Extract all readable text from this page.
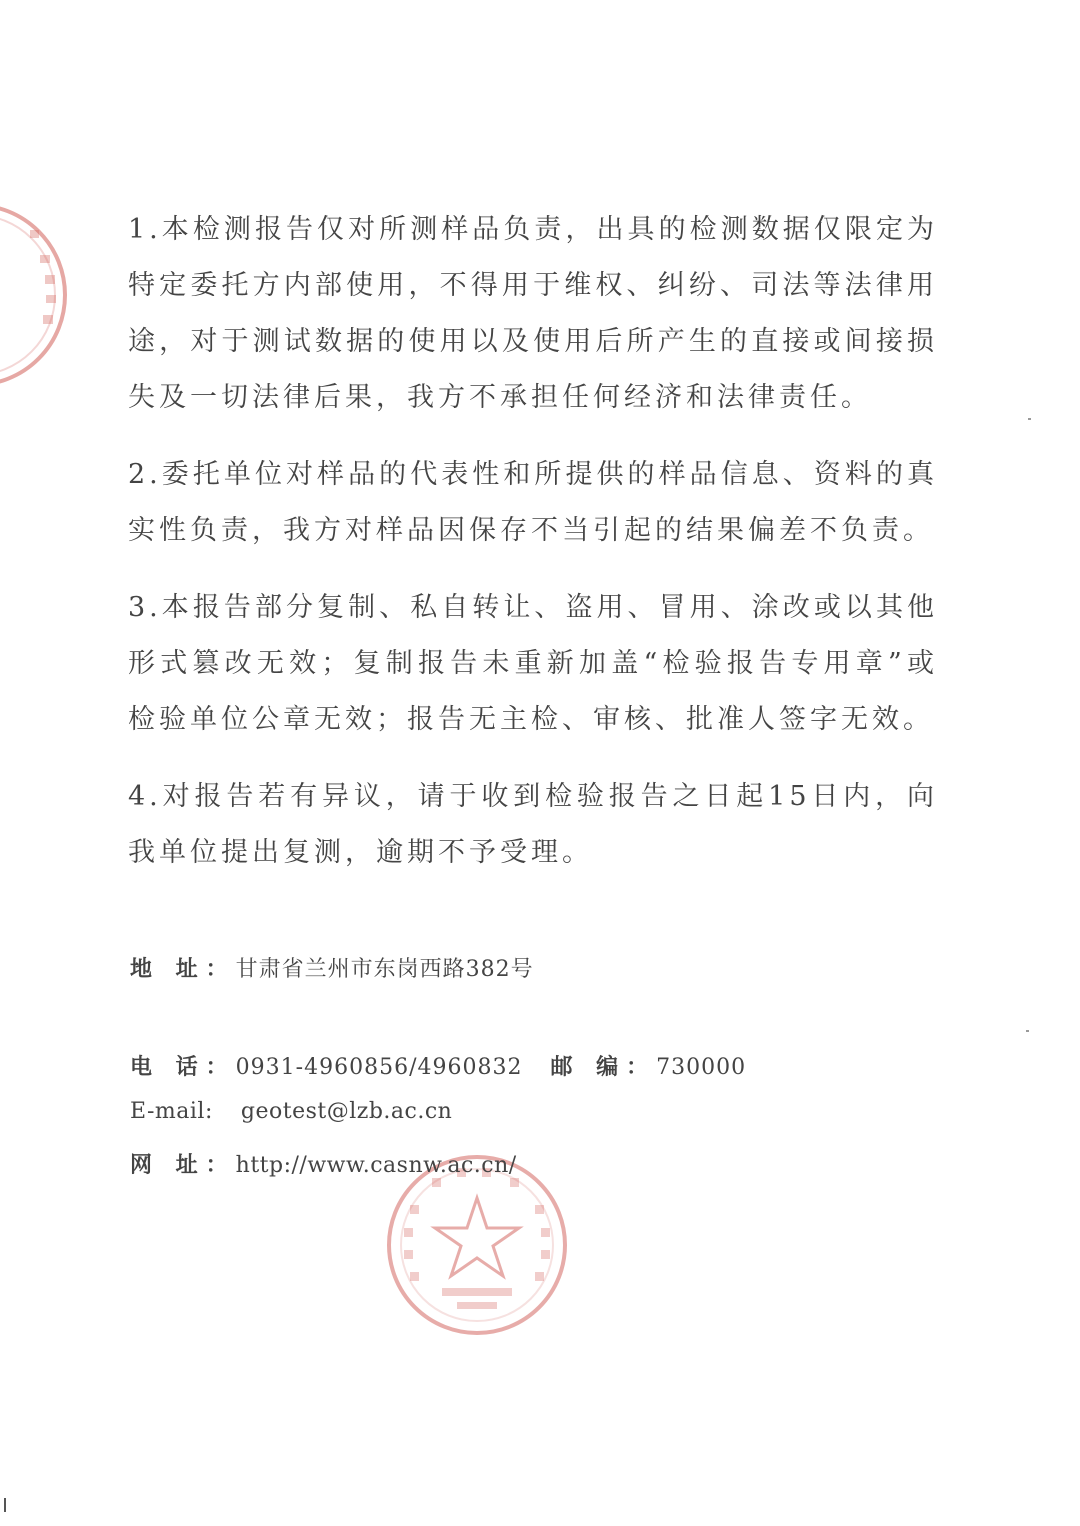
1.本检测报告仅对所测样品负责，出具的检测数据仅限定为特定委托方内部使用，不得用于维权、纠纷、司法等法律用途，对于测试数据的使用以及使用后所产生的直接或间接损失及一切法律后果，我方不承担任何经济和法律责任。

2.委托单位对样品的代表性和所提供的样品信息、资料的真实性负责，我方对样品因保存不当引起的结果偏差不负责。

3.本报告部分复制、私自转让、盗用、冒用、涂改或以其他形式篡改无效；复制报告未重新加盖“检验报告专用章”或检验单位公章无效；报告无主检、审核、批准人签字无效。

4.对报告若有异议，请于收到检验报告之日起15日内，向我单位提出复测，逾期不予受理。

地 址：甘肃省兰州市东岗西路382号
电 话：0931-4960856/4960832 邮 编：730000
E-mail: geotest@lzb.ac.cn
网 址：http://www.casnw.ac.cn/
